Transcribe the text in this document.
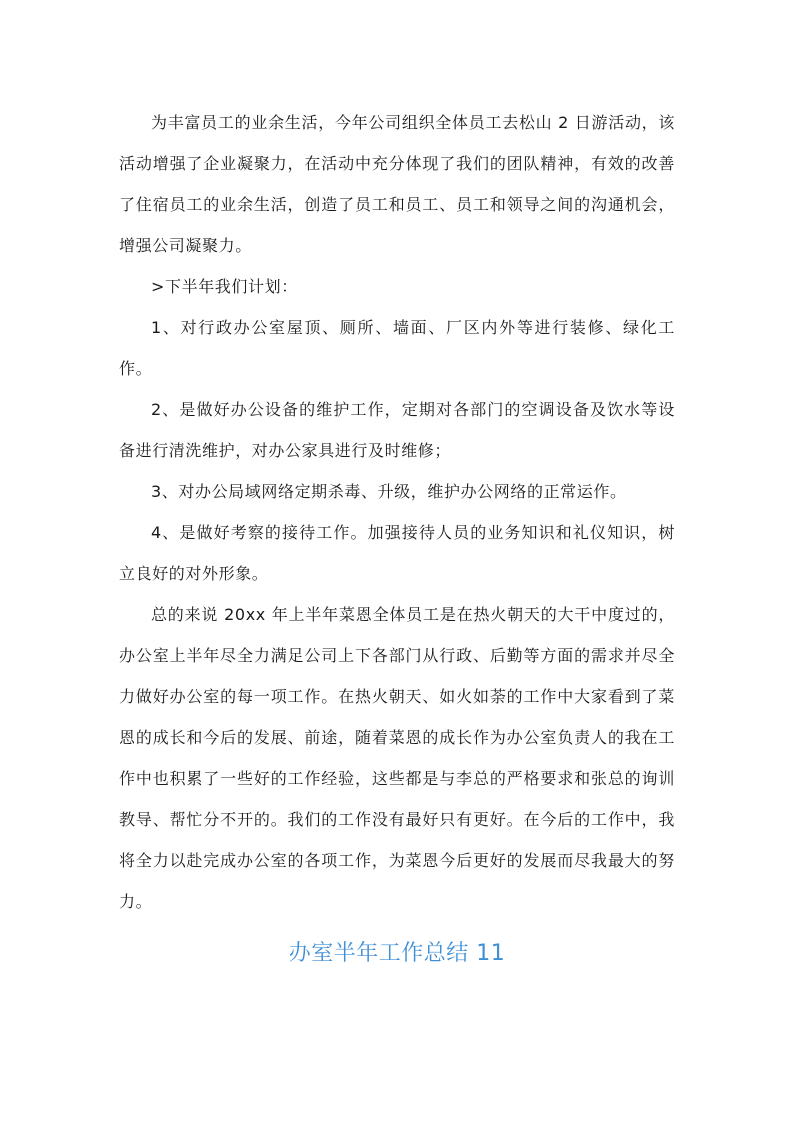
为丰富员工的业余生活，今年公司组织全体员工去松山 2 日游活动，该活动增强了企业凝聚力，在活动中充分体现了我们的团队精神，有效的改善了住宿员工的业余生活，创造了员工和员工、员工和领导之间的沟通机会，增强公司凝聚力。

>下半年我们计划：

1、对行政办公室屋顶、厕所、墙面、厂区内外等进行装修、绿化工作。

2、是做好办公设备的维护工作，定期对各部门的空调设备及饮水等设备进行清洗维护，对办公家具进行及时维修；

3、对办公局域网络定期杀毒、升级，维护办公网络的正常运作。

4、是做好考察的接待工作。加强接待人员的业务知识和礼仪知识，树立良好的对外形象。

总的来说 20xx 年上半年菜恩全体员工是在热火朝天的大干中度过的，办公室上半年尽全力满足公司上下各部门从行政、后勤等方面的需求并尽全力做好办公室的每一项工作。在热火朝天、如火如荼的工作中大家看到了菜恩的成长和今后的发展、前途，随着菜恩的成长作为办公室负责人的我在工作中也积累了一些好的工作经验，这些都是与李总的严格要求和张总的询训教导、帮忙分不开的。我们的工作没有最好只有更好。在今后的工作中，我将全力以赴完成办公室的各项工作，为菜恩今后更好的发展而尽我最大的努力。

办室半年工作总结 11
